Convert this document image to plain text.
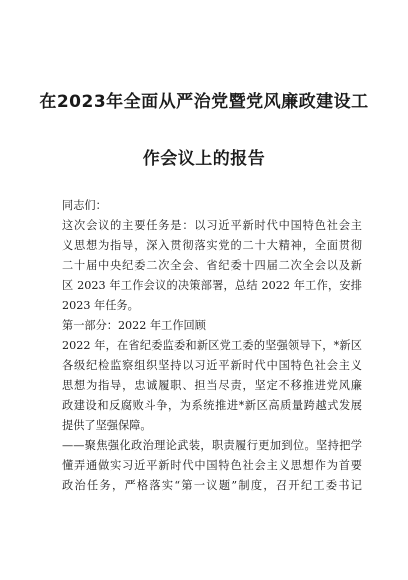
在2023年全面从严治党暨党风廉政建设工
作会议上的报告
同志们：
这次会议的主要任务是：以习近平新时代中国特色社会主
义思想为指导，深入贯彻落实党的二十大精神，全面贯彻
二十届中央纪委二次全会、省纪委十四届二次全会以及新
区 2023 年工作会议的决策部署，总结 2022 年工作，安排
2023 年任务。
第一部分：2022 年工作回顾
2022 年，在省纪委监委和新区党工委的坚强领导下，*新区
各级纪检监察组织坚持以习近平新时代中国特色社会主义
思想为指导，忠诚履职、担当尽责，坚定不移推进党风廉
政建设和反腐败斗争，为系统推进*新区高质量跨越式发展
提供了坚强保障。
——聚焦强化政治理论武装，职责履行更加到位。坚持把学
懂弄通做实习近平新时代中国特色社会主义思想作为首要
政治任务，严格落实“第一议题”制度，召开纪工委书记
